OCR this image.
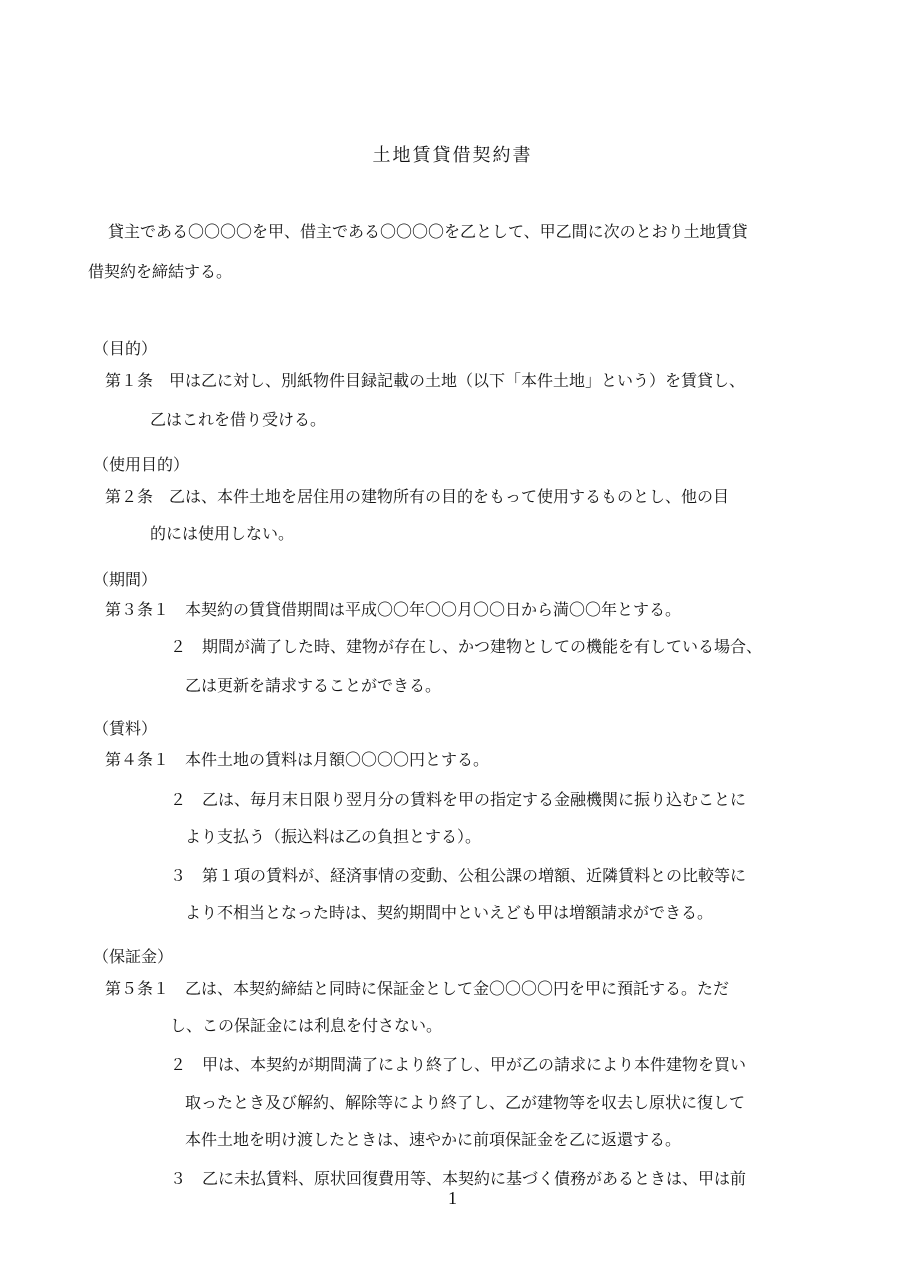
土地賃貸借契約書
貸主である〇〇〇〇を甲、借主である〇〇〇〇を乙として、甲乙間に次のとおり土地賃貸
借契約を締結する。
（目的）
第１条　甲は乙に対し、別紙物件目録記載の土地（以下「本件土地」という）を賃貸し、
乙はこれを借り受ける。
（使用目的）
第２条　乙は、本件土地を居住用の建物所有の目的をもって使用するものとし、他の目
的には使用しない。
（期間）
第３条１　本契約の賃貸借期間は平成〇〇年〇〇月〇〇日から満〇〇年とする。
２　期間が満了した時、建物が存在し、かつ建物としての機能を有している場合、
乙は更新を請求することができる。
（賃料）
第４条１　本件土地の賃料は月額〇〇〇〇円とする。
２　乙は、毎月末日限り翌月分の賃料を甲の指定する金融機関に振り込むことに
より支払う（振込料は乙の負担とする）。
３　第１項の賃料が、経済事情の変動、公租公課の増額、近隣賃料との比較等に
より不相当となった時は、契約期間中といえども甲は増額請求ができる。
（保証金）
第５条１　乙は、本契約締結と同時に保証金として金〇〇〇〇円を甲に預託する。ただ
し、この保証金には利息を付さない。
２　甲は、本契約が期間満了により終了し、甲が乙の請求により本件建物を買い
取ったとき及び解約、解除等により終了し、乙が建物等を収去し原状に復して
本件土地を明け渡したときは、速やかに前項保証金を乙に返還する。
３　乙に未払賃料、原状回復費用等、本契約に基づく債務があるときは、甲は前
1
